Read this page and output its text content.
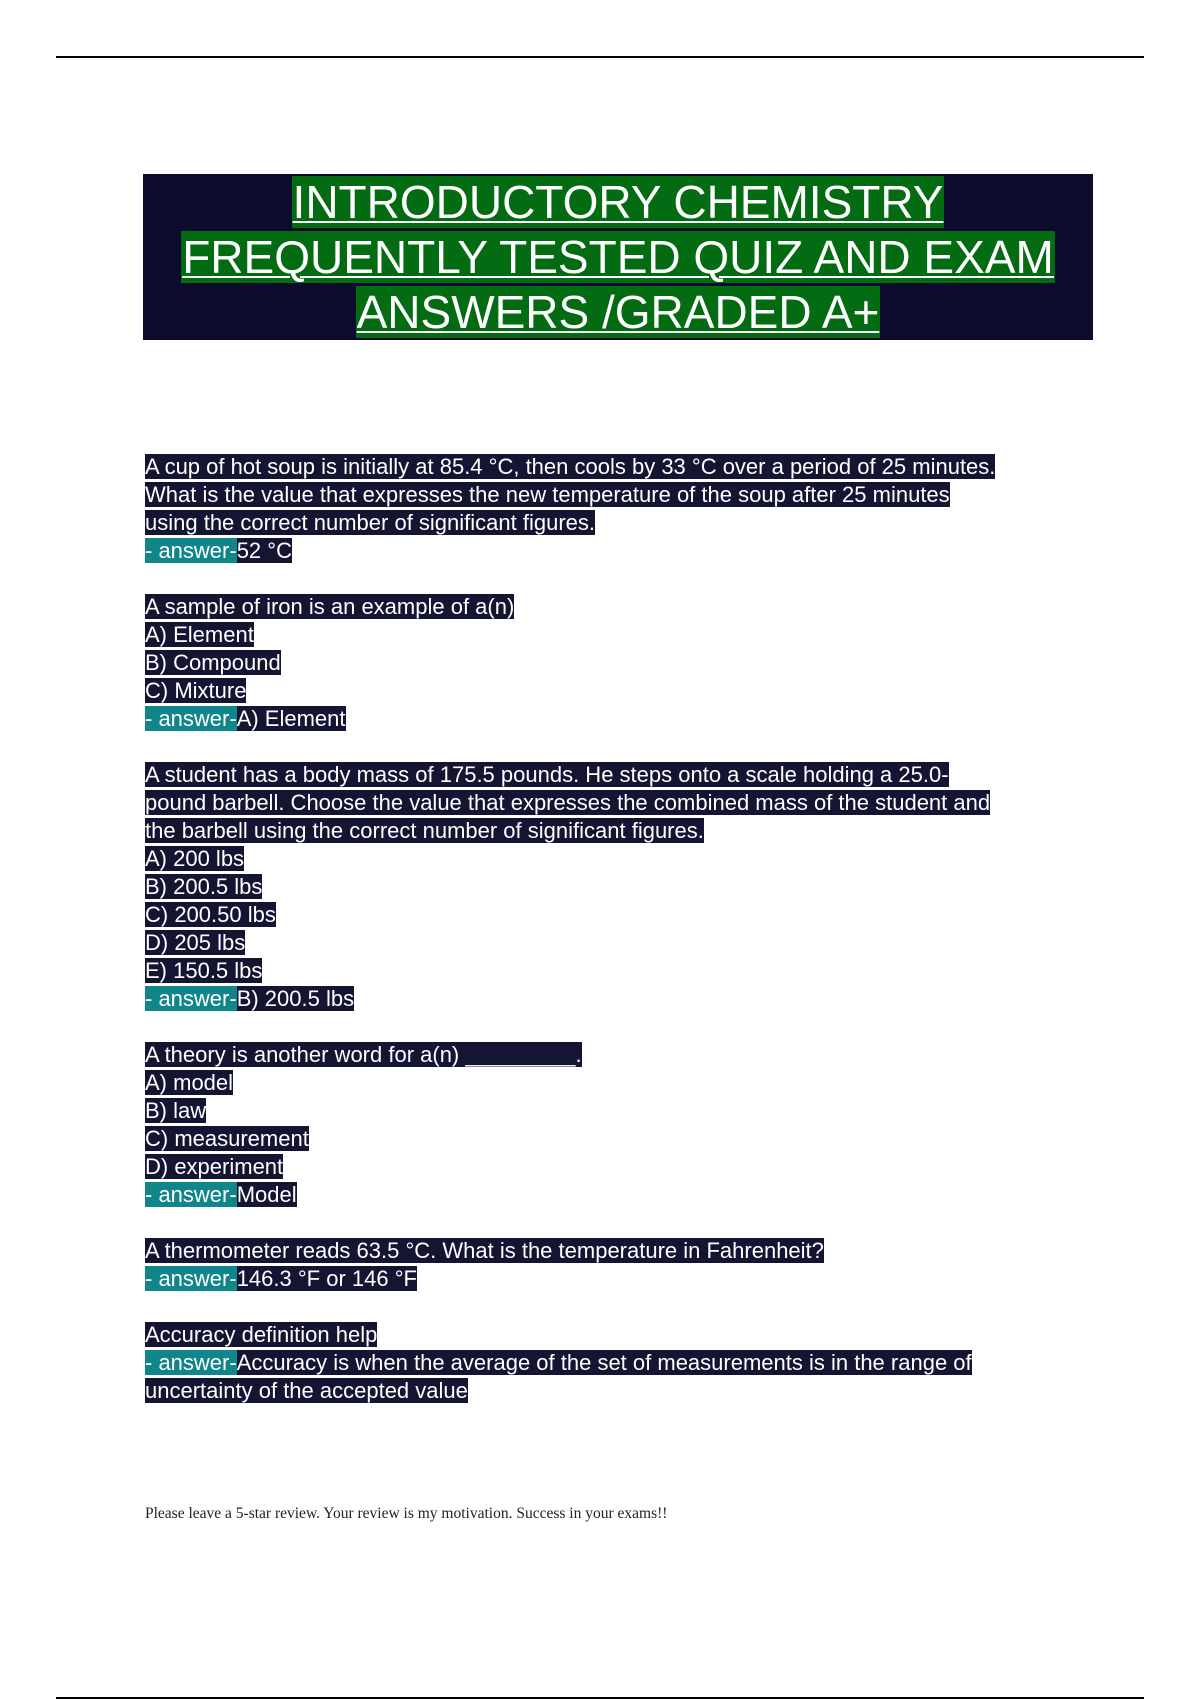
INTRODUCTORY CHEMISTRY
FREQUENTLY TESTED QUIZ AND EXAM
ANSWERS /GRADED A+
A cup of hot soup is initially at 85.4 °C, then cools by 33 °C over a period of 25 minutes.
What is the value that expresses the new temperature of the soup after 25 minutes
using the correct number of significant figures.
- answer-52 °C
A sample of iron is an example of a(n)
A) Element
B) Compound
C) Mixture
- answer-A) Element
A student has a body mass of 175.5 pounds. He steps onto a scale holding a 25.0-
pound barbell. Choose the value that expresses the combined mass of the student and
the barbell using the correct number of significant figures.
A) 200 lbs
B) 200.5 lbs
C) 200.50 lbs
D) 205 lbs
E) 150.5 lbs
- answer-B) 200.5 lbs
A theory is another word for a(n) _________.
A) model
B) law
C) measurement
D) experiment
- answer-Model
A thermometer reads 63.5 °C. What is the temperature in Fahrenheit?
- answer-146.3 °F or 146 °F
Accuracy definition help
- answer-Accuracy is when the average of the set of measurements is in the range of
uncertainty of the accepted value
Please leave a 5-star review. Your review is my motivation. Success in your exams!!
